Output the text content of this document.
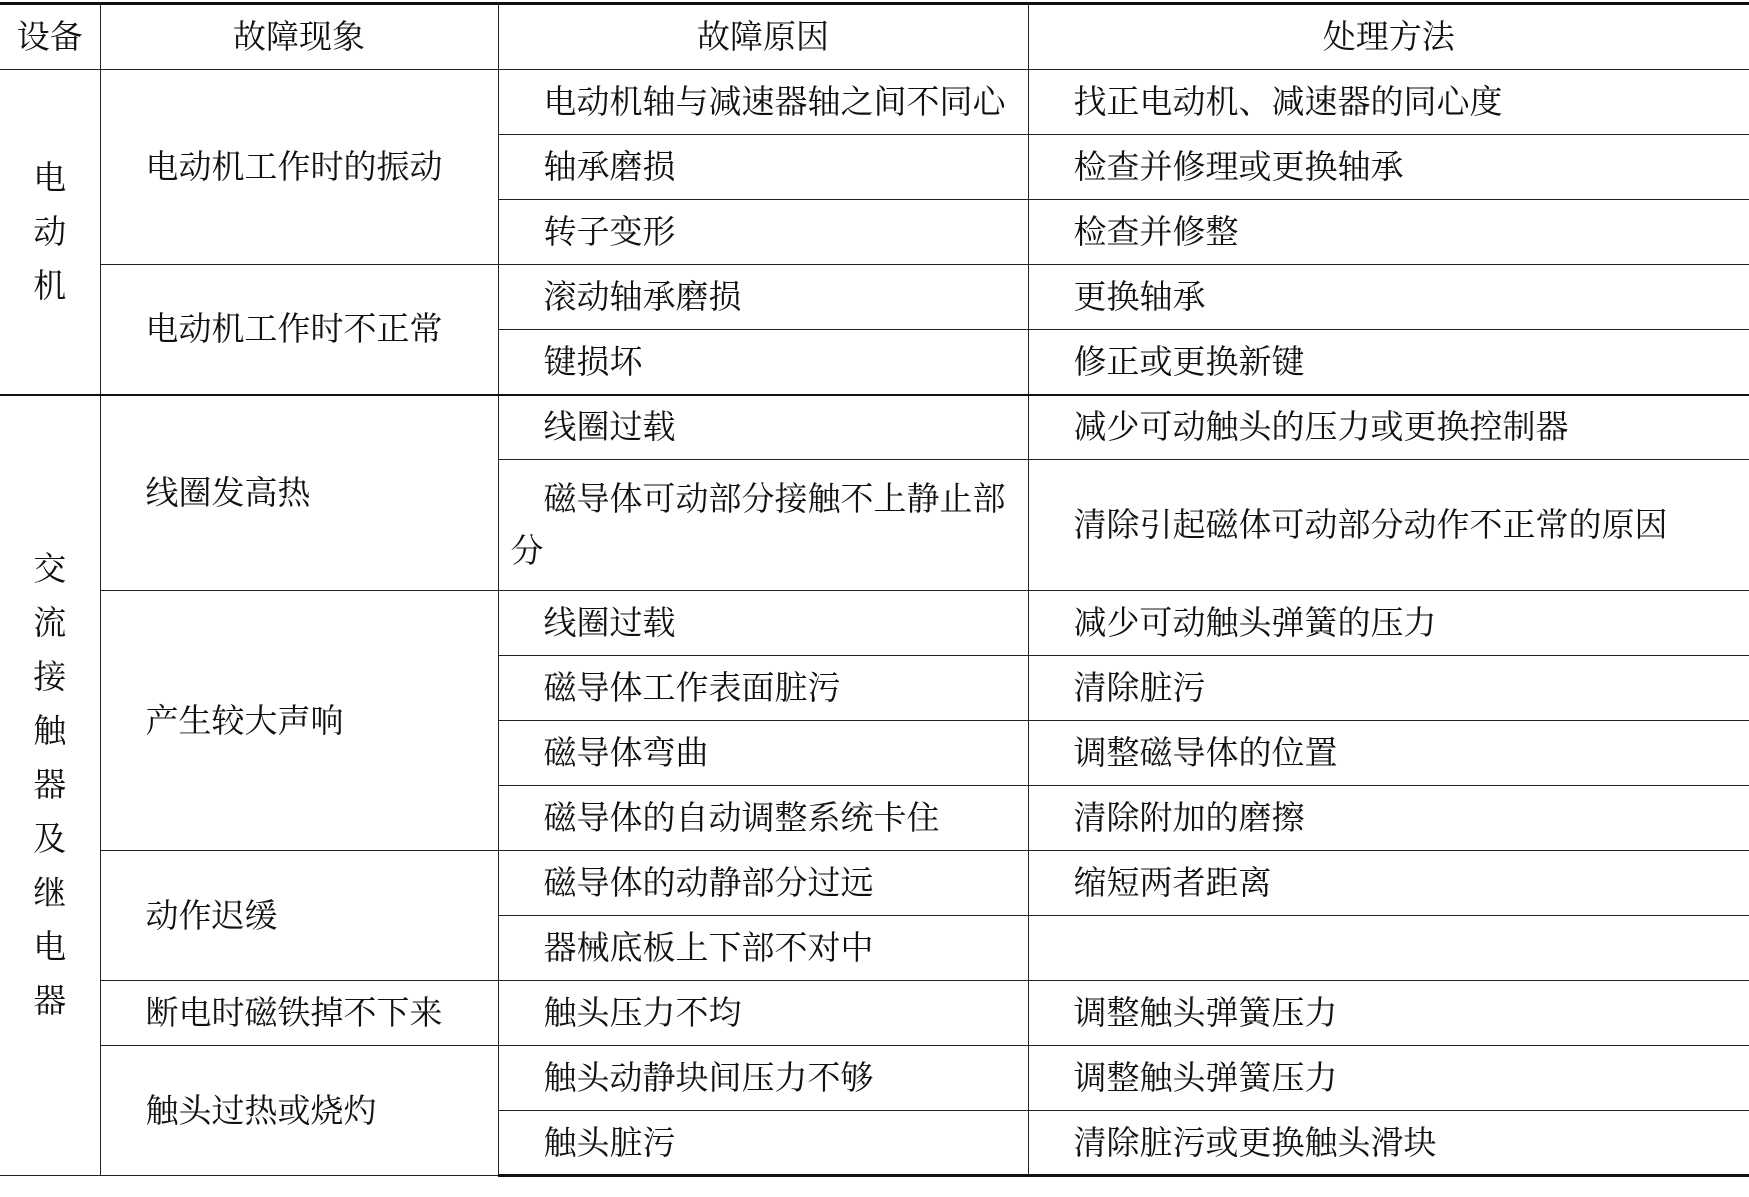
设备	故障现象	故障原因	处理方法
电动机	电动机工作时的振动	电动机轴与减速器轴之间不同心	找正电动机、减速器的同心度
		轴承磨损	检查并修理或更换轴承
		转子变形	检查并修整
	电动机工作时不正常	滚动轴承磨损	更换轴承
		键损坏	修正或更换新键
交流接触器及继电器	线圈发高热	线圈过载	减少可动触头的压力或更换控制器
		磁导体可动部分接触不上静止部分	清除引起磁体可动部分动作不正常的原因
	产生较大声响	线圈过载	减少可动触头弹簧的压力
		磁导体工作表面脏污	清除脏污
		磁导体弯曲	调整磁导体的位置
		磁导体的自动调整系统卡住	清除附加的磨擦
	动作迟缓	磁导体的动静部分过远	缩短两者距离
		器械底板上下部不对中	
	断电时磁铁掉不下来	触头压力不均	调整触头弹簧压力
	触头过热或烧灼	触头动静块间压力不够	调整触头弹簧压力
		触头脏污	清除脏污或更换触头滑块
